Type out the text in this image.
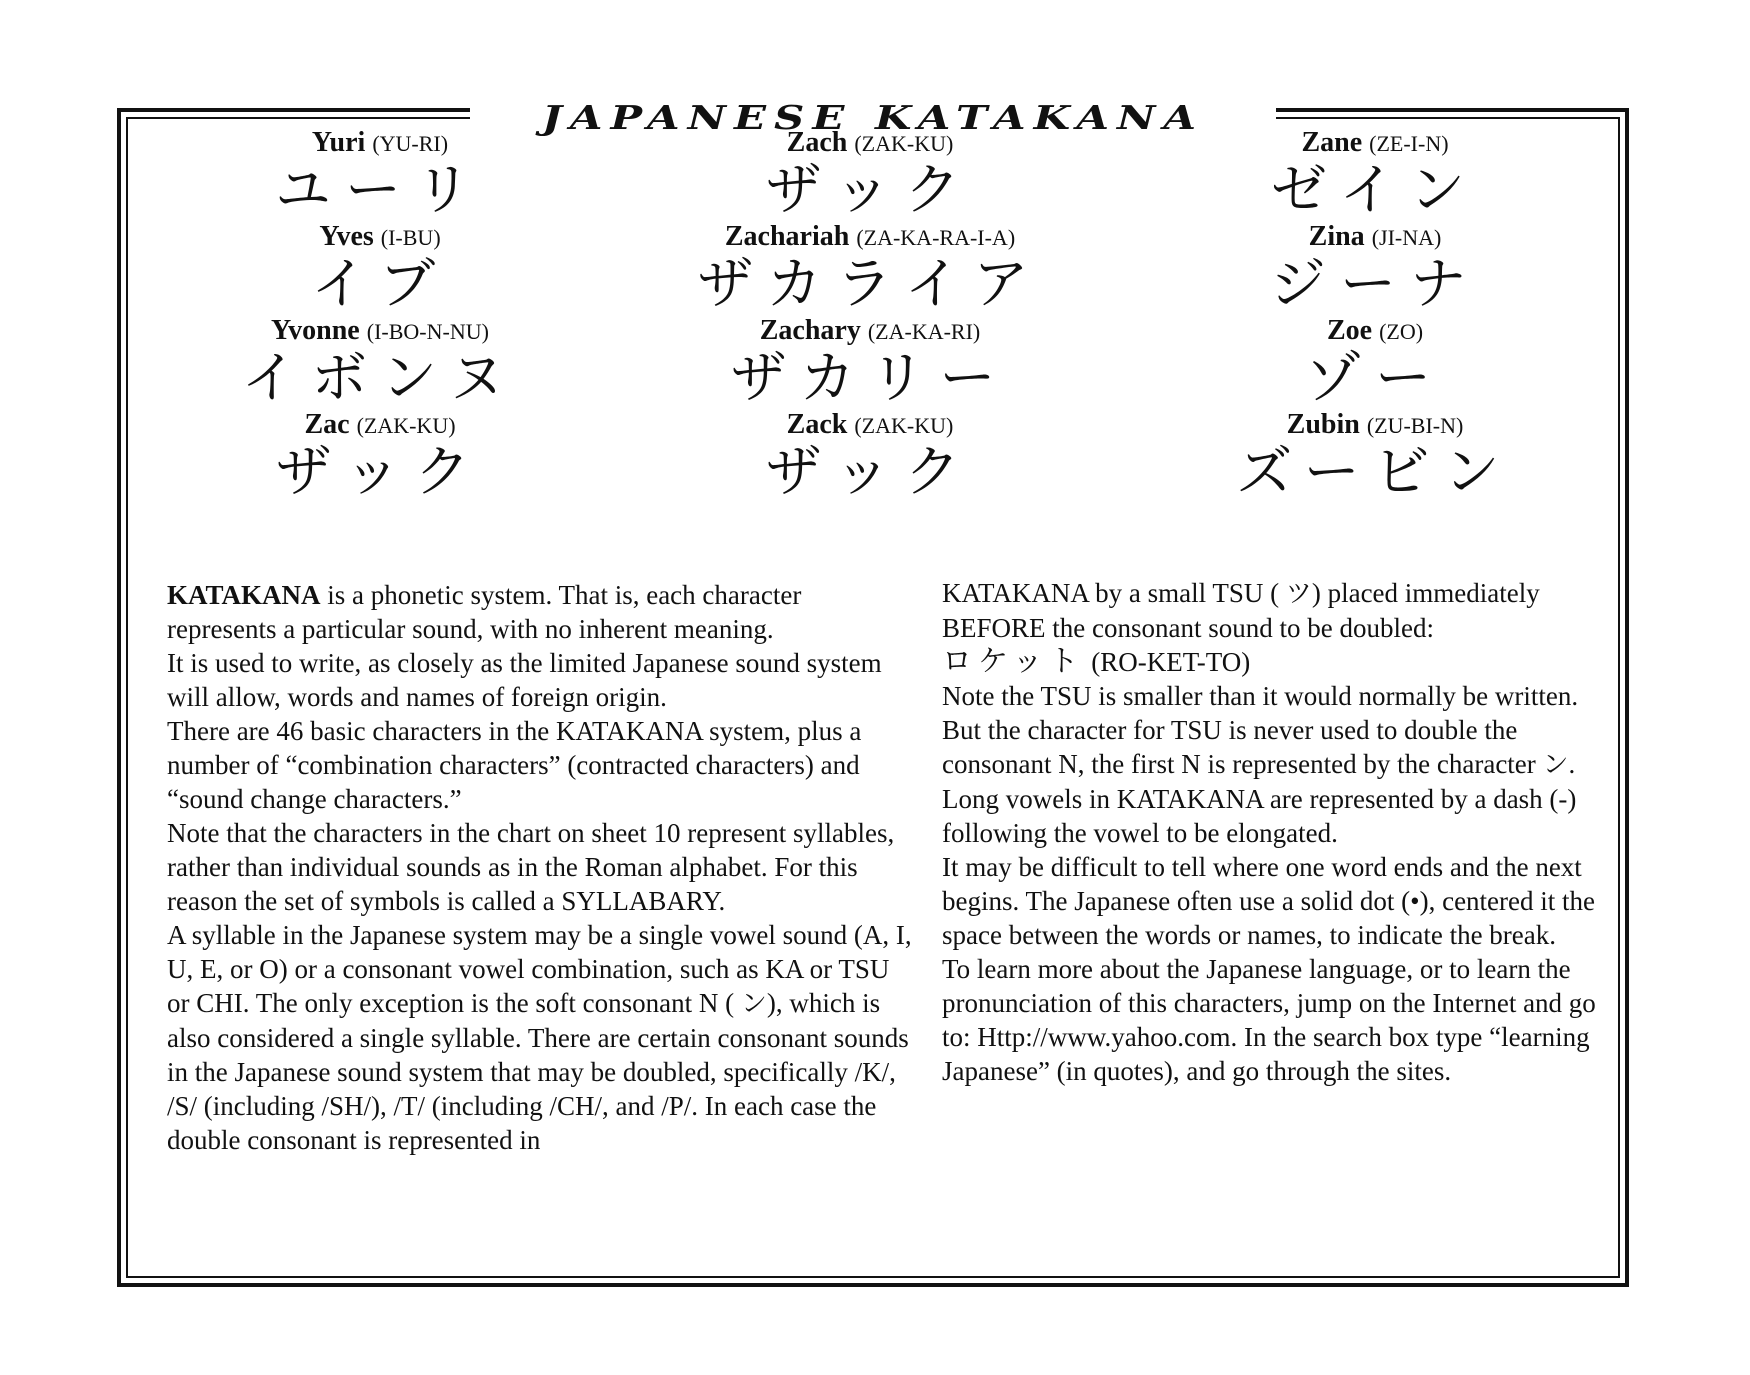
JAPANESE KATAKANA
Yuri (YU-RI)
ユーリ
Yves (I-BU)
イブ
Yvonne (I-BO-N-NU)
イボンヌ
Zac (ZAK-KU)
ザック
Zach (ZAK-KU)
ザック
Zachariah (ZA-KA-RA-I-A)
ザカライア
Zachary (ZA-KA-RI)
ザカリー
Zack (ZAK-KU)
ザック
Zane (ZE-I-N)
ゼイン
Zina (JI-NA)
ジーナ
Zoe (ZO)
ゾー
Zubin (ZU-BI-N)
ズービン

KATAKANA is a phonetic system. That is, each character represents a particular sound, with no inherent meaning.

It is used to write, as closely as the limited Japanese sound system will allow, words and names of foreign origin.

There are 46 basic characters in the KATAKANA system, plus a number of “combination characters” (contracted characters) and “sound change characters.”

Note that the characters in the chart on sheet 10 represent syllables, rather than individual sounds as in the Roman alphabet. For this reason the set of symbols is called a SYLLABARY.

A syllable in the Japanese system may be a single vowel sound (A, I, U, E, or O) or a consonant vowel combination, such as KA or TSU or CHI. The only exception is the soft consonant N ( ン), which is also considered a single syllable. There are certain consonant sounds in the Japanese sound system that may be doubled, specifically /K/, /S/ (including /SH/), /T/ (including /CH/, and /P/. In each case the double consonant is represented in

KATAKANA by a small TSU ( ツ) placed immediately BEFORE the consonant sound to be doubled:

ロケット (RO-KET-TO)

Note the TSU is smaller than it would normally be written. But the character for TSU is never used to double the consonant N, the first N is represented by the character ン.

Long vowels in KATAKANA are represented by a dash (-) following the vowel to be elongated.

It may be difficult to tell where one word ends and the next begins. The Japanese often use a solid dot (•), centered it the space between the words or names, to indicate the break.

To learn more about the Japanese language, or to learn the pronunciation of this characters, jump on the Internet and go to: Http://www.yahoo.com. In the search box type “learning Japanese” (in quotes), and go through the sites.
